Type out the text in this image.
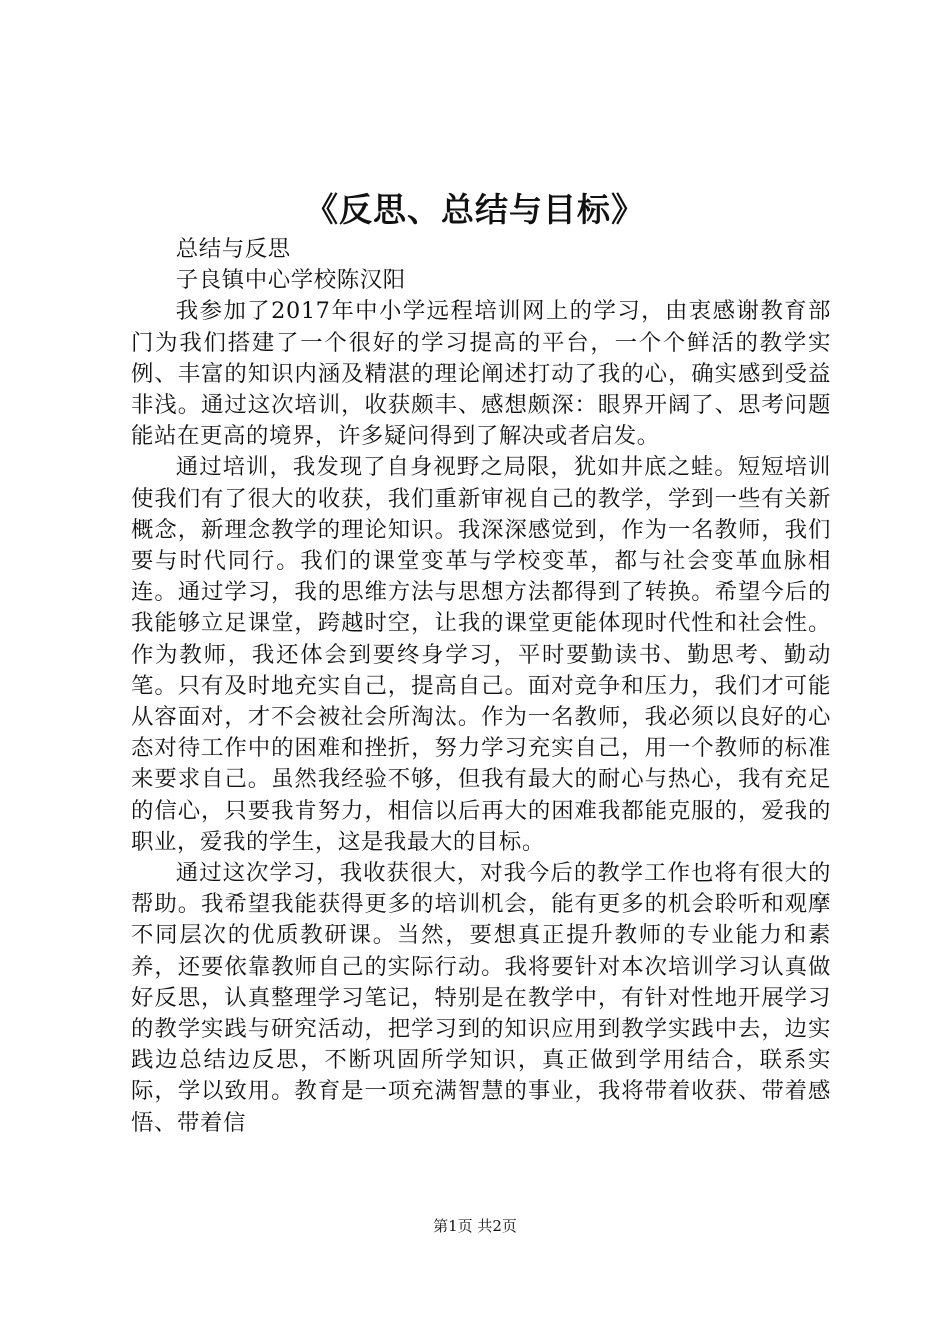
《反思、总结与目标》

总结与反思

子良镇中心学校陈汉阳

我参加了2017年中小学远程培训网上的学习，由衷感谢教育部门为我们搭建了一个很好的学习提高的平台，一个个鲜活的教学实例、丰富的知识内涵及精湛的理论阐述打动了我的心，确实感到受益非浅。通过这次培训，收获颇丰、感想颇深：眼界开阔了、思考问题能站在更高的境界，许多疑问得到了解决或者启发。

通过培训，我发现了自身视野之局限，犹如井底之蛙。短短培训使我们有了很大的收获，我们重新审视自己的教学，学到一些有关新概念，新理念教学的理论知识。我深深感觉到，作为一名教师，我们要与时代同行。我们的课堂变革与学校变革，都与社会变革血脉相连。通过学习，我的思维方法与思想方法都得到了转换。希望今后的我能够立足课堂，跨越时空，让我的课堂更能体现时代性和社会性。作为教师，我还体会到要终身学习，平时要勤读书、勤思考、勤动笔。只有及时地充实自己，提高自己。面对竞争和压力，我们才可能从容面对，才不会被社会所淘汰。作为一名教师，我必须以良好的心态对待工作中的困难和挫折，努力学习充实自己，用一个教师的标准来要求自己。虽然我经验不够，但我有最大的耐心与热心，我有充足的信心，只要我肯努力，相信以后再大的困难我都能克服的，爱我的职业，爱我的学生，这是我最大的目标。

通过这次学习，我收获很大，对我今后的教学工作也将有很大的帮助。我希望我能获得更多的培训机会，能有更多的机会聆听和观摩不同层次的优质教研课。当然，要想真正提升教师的专业能力和素养，还要依靠教师自己的实际行动。我将要针对本次培训学习认真做好反思，认真整理学习笔记，特别是在教学中，有针对性地开展学习的教学实践与研究活动，把学习到的知识应用到教学实践中去，边实践边总结边反思，不断巩固所学知识，真正做到学用结合，联系实际，学以致用。教育是一项充满智慧的事业，我将带着收获、带着感悟、带着信

第1页 共2页
